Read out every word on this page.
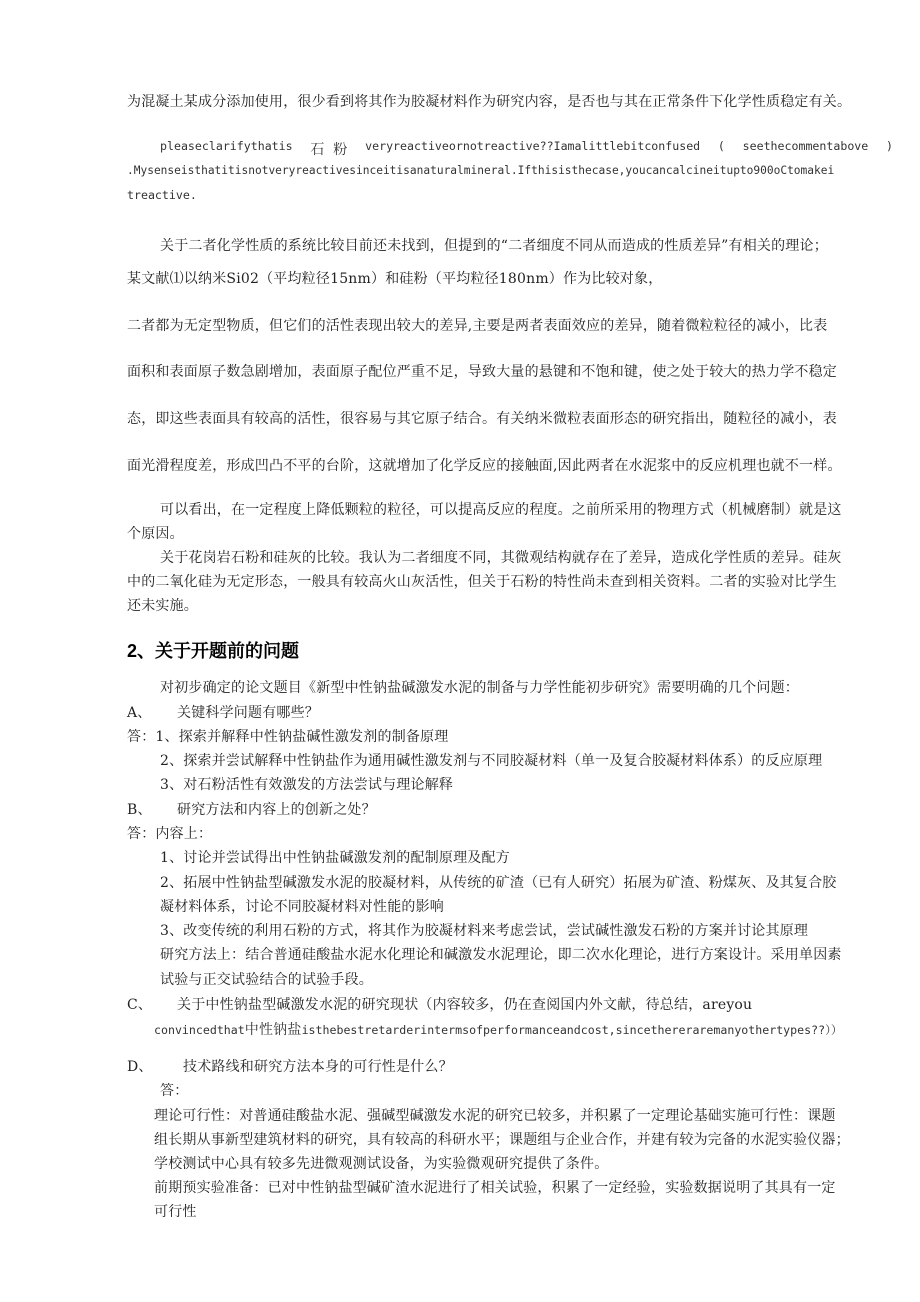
为混凝土某成分添加使用，很少看到将其作为胶凝材料作为研究内容，是否也与其在正常条件下化学性质稳定有关。
pleaseclarifythatis 石 粉 veryreactiveornotreactive??Iamalittlebitconfused ( seethecommentabove )
.Mysenseisthatitisnotveryreactivesinceitisanaturalmineral.Ifthisisthecase,youcancalcineituptо900oCtomakei
treactive.
关于二者化学性质的系统比较目前还未找到，但提到的“二者细度不同从而造成的性质差异”有相关的理论；
某文献⑴以纳米Si02（平均粒径15nm）和硅粉（平均粒径180nm）作为比较对象，
二者都为无定型物质，但它们的活性表现出较大的差异,主要是两者表面效应的差异，随着微粒粒径的减小，比表
面积和表面原子数急剧增加，表面原子配位严重不足，导致大量的悬键和不饱和键，使之处于较大的热力学不稳定
态，即这些表面具有较高的活性，很容易与其它原子结合。有关纳米微粒表面形态的研究指出，随粒径的减小，表
面光滑程度差，形成凹凸不平的台阶，这就增加了化学反应的接触面,因此两者在水泥浆中的反应机理也就不一样。
可以看出，在一定程度上降低颗粒的粒径，可以提高反应的程度。之前所采用的物理方式（机械磨制）就是这
个原因。
关于花岗岩石粉和硅灰的比较。我认为二者细度不同，其微观结构就存在了差异，造成化学性质的差异。硅灰
中的二氧化硅为无定形态，一般具有较高火山灰活性，但关于石粉的特性尚未查到相关资料。二者的实验对比学生
还未实施。
2、关于开题前的问题
对初步确定的论文题目《新型中性钠盐碱激发水泥的制备与力学性能初步研究》需要明确的几个问题：
A、 关键科学问题有哪些？
答：1、探索并解释中性钠盐碱性激发剂的制备原理
2、探索并尝试解释中性钠盐作为通用碱性激发剂与不同胶凝材料（单一及复合胶凝材料体系）的反应原理
3、对石粉活性有效激发的方法尝试与理论解释
B、 研究方法和内容上的创新之处？
答：内容上：
1、讨论并尝试得出中性钠盐碱激发剂的配制原理及配方
2、拓展中性钠盐型碱激发水泥的胶凝材料，从传统的矿渣（已有人研究）拓展为矿渣、粉煤灰、及其复合胶
凝材料体系，讨论不同胶凝材料对性能的影响
3、改变传统的利用石粉的方式，将其作为胶凝材料来考虑尝试，尝试碱性激发石粉的方案并讨论其原理
研究方法上：结合普通硅酸盐水泥水化理论和碱激发水泥理论，即二次水化理论，进行方案设计。采用单因素
试验与正交试验结合的试验手段。
C、 关于中性钠盐型碱激发水泥的研究现状（内容较多，仍在查阅国内外文献，待总结，areyou
convincedthat中性钠盐isthebestretarderintermsofperformanceandcost,sincethereraremanyothertypes??））
D、 技术路线和研究方法本身的可行性是什么？
答：
理论可行性：对普通硅酸盐水泥、强碱型碱激发水泥的研究已较多，并积累了一定理论基础实施可行性：课题
组长期从事新型建筑材料的研究，具有较高的科研水平；课题组与企业合作，并建有较为完备的水泥实验仪器；
学校测试中心具有较多先进微观测试设备，为实验微观研究提供了条件。
前期预实验准备：已对中性钠盐型碱矿渣水泥进行了相关试验，积累了一定经验，实验数据说明了其具有一定
可行性
